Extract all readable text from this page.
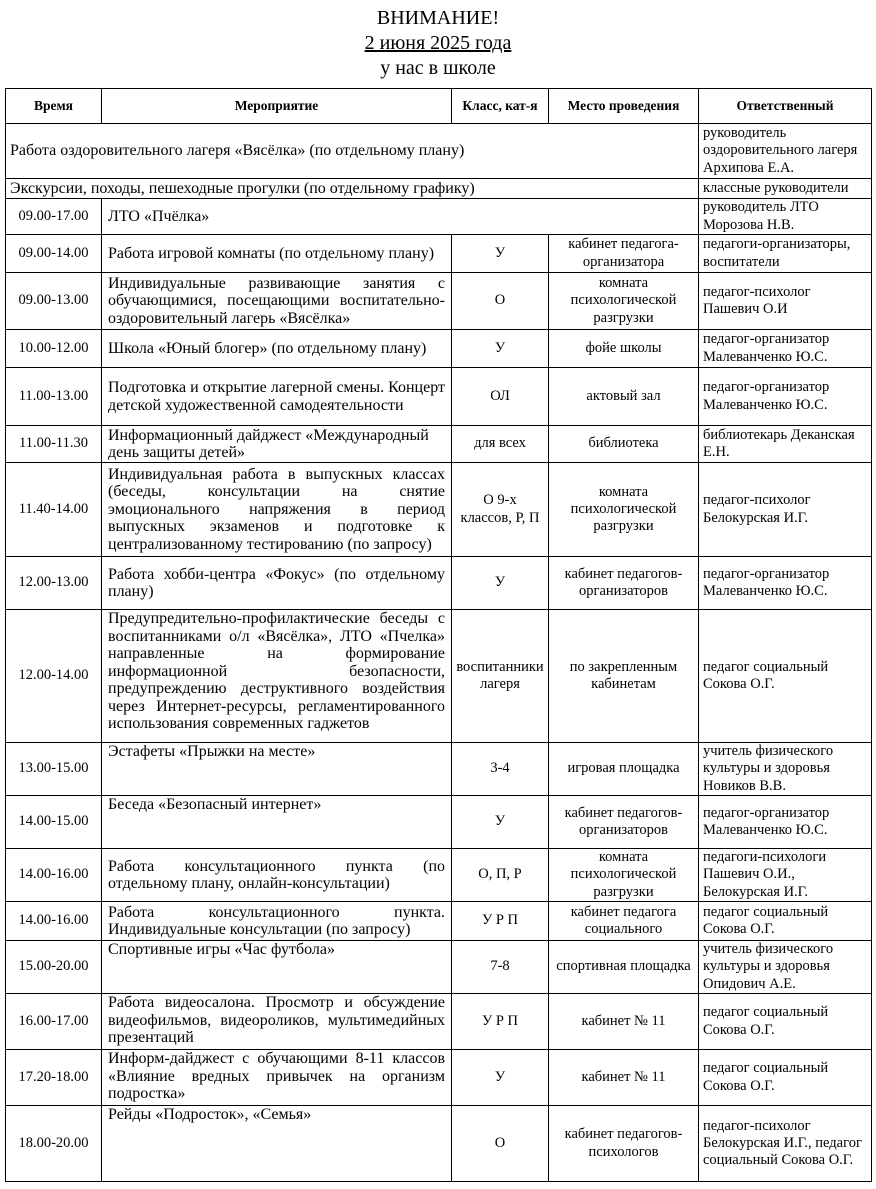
ВНИМАНИЕ!
2 июня 2025 года
у нас в школе
Время	Мероприятие	Класс, кат-я	Место проведения	Ответственный
Работа оздоровительного лагеря «Вясёлка» (по отдельному плану)				руководитель оздоровительного лагеря Архипова Е.А.
Экскурсии, походы, пешеходные прогулки (по отдельному графику)				классные руководители
09.00-17.00	ЛТО «Пчёлка»			руководитель ЛТО Морозова Н.В.
09.00-14.00	Работа игровой комнаты (по отдельному плану)	У	кабинет педагога-организатора	педагоги-организаторы, воспитатели
09.00-13.00	Индивидуальные развивающие занятия с обучающимися, посещающими воспитательно-оздоровительный лагерь «Вясёлка»	О	комната психологической разгрузки	педагог-психолог Пашевич О.И
10.00-12.00	Школа «Юный блогер» (по отдельному плану)	У	фойе школы	педагог-организатор Малеванченко Ю.С.
11.00-13.00	Подготовка и открытие лагерной смены. Концерт детской художественной самодеятельности	ОЛ	актовый зал	педагог-организатор Малеванченко Ю.С.
11.00-11.30	Информационный дайджест «Международный день защиты детей»	для всех	библиотека	библиотекарь Деканская Е.Н.
11.40-14.00	Индивидуальная работа в выпускных классах (беседы, консультации на снятие эмоционального напряжения в период выпускных экзаменов и подготовке к централизованному тестированию (по запросу)	О 9-х классов, Р, П	комната психологической разгрузки	педагог-психолог Белокурская И.Г.
12.00-13.00	Работа хобби-центра «Фокус» (по отдельному плану)	У	кабинет педагогов-организаторов	педагог-организатор Малеванченко Ю.С.
12.00-14.00	Предупредительно-профилактические беседы с воспитанниками о/л «Вясёлка», ЛТО «Пчелка» направленные на формирование информационной безопасности, предупреждению деструктивного воздействия через Интернет-ресурсы, регламентированного использования современных гаджетов	воспитанники лагеря	по закрепленным кабинетам	педагог социальный Сокова О.Г.
13.00-15.00	Эстафеты «Прыжки на месте»	3-4	игровая площадка	учитель физического культуры и здоровья Новиков В.В.
14.00-15.00	Беседа «Безопасный интернет»	У	кабинет педагогов-организаторов	педагог-организатор Малеванченко Ю.С.
14.00-16.00	Работа консультационного пункта (по отдельному плану, онлайн-консультации)	О, П, Р	комната психологической разгрузки	педагоги-психологи Пашевич О.И., Белокурская И.Г.
14.00-16.00	Работа консультационного пункта. Индивидуальные консультации (по запросу)	У Р П	кабинет педагога социального	педагог социальный Сокова О.Г.
15.00-20.00	Спортивные игры «Час футбола»	7-8	спортивная площадка	учитель физического культуры и здоровья Опидович А.Е.
16.00-17.00	Работа видеосалона. Просмотр и обсуждение видеофильмов, видеороликов, мультимедийных презентаций	У Р П	кабинет № 11	педагог социальный Сокова О.Г.
17.20-18.00	Информ-дайджест с обучающими 8-11 классов «Влияние вредных привычек на организм подростка»	У	кабинет № 11	педагог социальный Сокова О.Г.
18.00-20.00	Рейды «Подросток», «Семья»	О	кабинет педагогов-психологов	педагог-психолог Белокурская И.Г., педагог социальный Сокова О.Г.
